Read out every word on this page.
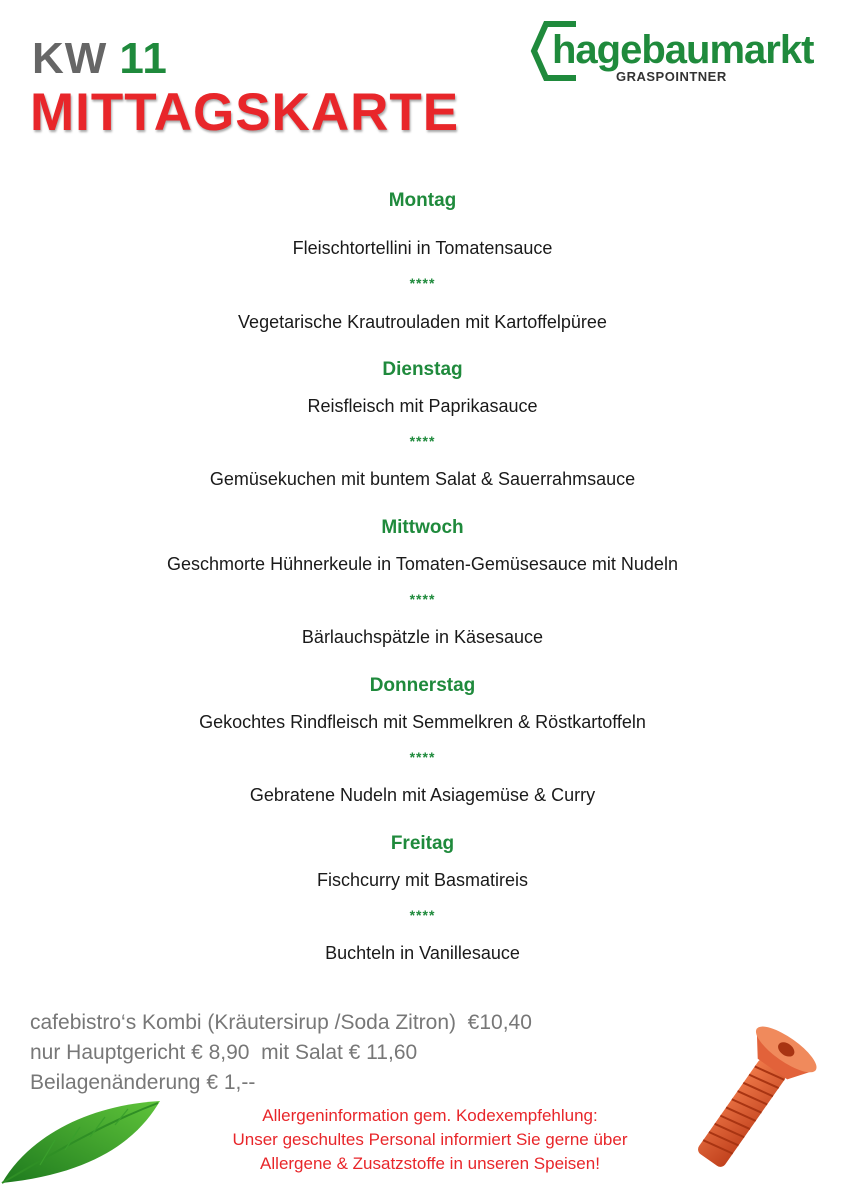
KW 11
MITTAGSKARTE
hagebaumarkt
GRASPOINTNER
Montag
Fleischtortellini in Tomatensauce
****
Vegetarische Krautrouladen mit Kartoffelpüree
Dienstag
Reisfleisch mit Paprikasauce
****
Gemüsekuchen mit buntem Salat & Sauerrahmsauce
Mittwoch
Geschmorte Hühnerkeule in Tomaten-Gemüsesauce mit Nudeln
****
Bärlauchspätzle in Käsesauce
Donnerstag
Gekochtes Rindfleisch mit Semmelkren & Röstkartoffeln
****
Gebratene Nudeln mit Asiagemüse & Curry
Freitag
Fischcurry mit Basmatireis
****
Buchteln in Vanillesauce
cafebistro‘s Kombi (Kräutersirup /Soda Zitron)  €10,40
nur Hauptgericht € 8,90  mit Salat € 11,60
Beilagenänderung € 1,--
Allergeninformation gem. Kodexempfehlung:
Unser geschultes Personal informiert Sie gerne über
Allergene & Zusatzstoffe in unseren Speisen!
